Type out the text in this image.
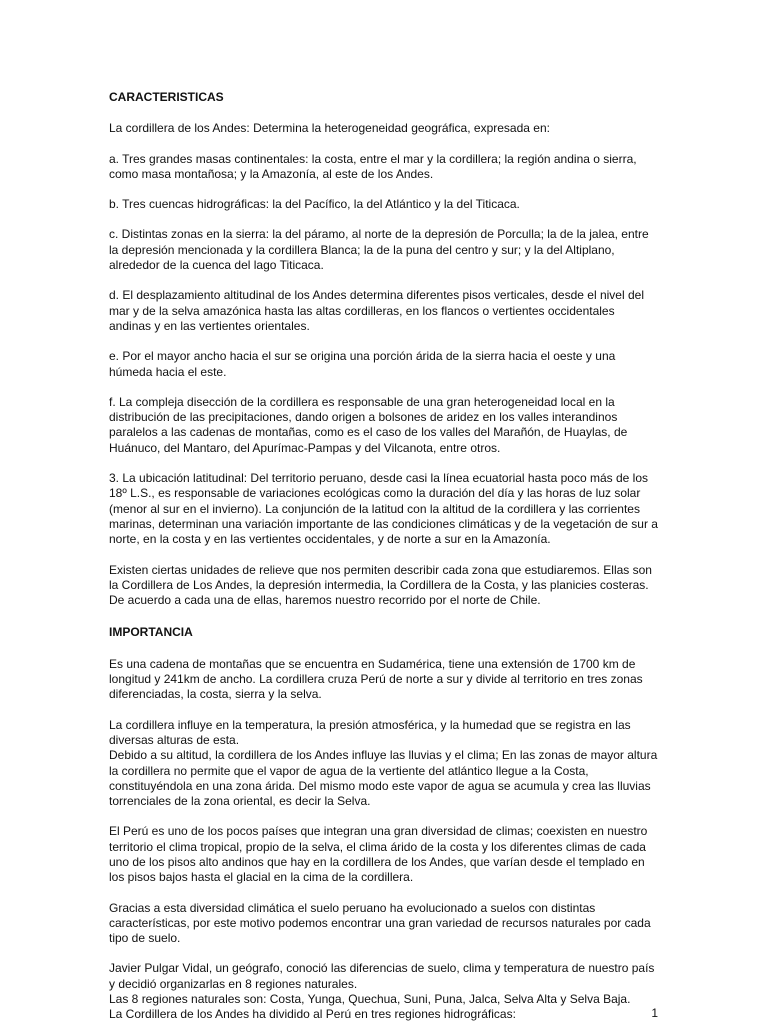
CARACTERISTICAS

La cordillera de los Andes: Determina la heterogeneidad geográfica, expresada en:

a. Tres grandes masas continentales: la costa, entre el mar y la cordillera; la región andina o sierra, como masa montañosa; y la Amazonía, al este de los Andes.

b. Tres cuencas hidrográficas: la del Pacífico, la del Atlántico y la del Titicaca.

c. Distintas zonas en la sierra: la del páramo, al norte de la depresión de Porculla; la de la jalea, entre la depresión mencionada y la cordillera Blanca; la de la puna del centro y sur; y la del Altiplano, alrededor de la cuenca del lago Titicaca.

d. El desplazamiento altitudinal de los Andes determina diferentes pisos verticales, desde el nivel del mar y de la selva amazónica hasta las altas cordilleras, en los flancos o vertientes occidentales andinas y en las vertientes orientales.

e. Por el mayor ancho hacia el sur se origina una porción árida de la sierra hacia el oeste y una húmeda hacia el este.

f. La compleja disección de la cordillera es responsable de una gran heterogeneidad local en la distribución de las precipitaciones, dando origen a bolsones de aridez en los valles interandinos paralelos a las cadenas de montañas, como es el caso de los valles del Marañón, de Huaylas, de Huánuco, del Mantaro, del Apurímac-Pampas y del Vilcanota, entre otros.

3. La ubicación latitudinal: Del territorio peruano, desde casi la línea ecuatorial hasta poco más de los 18º L.S., es responsable de variaciones ecológicas como la duración del día y las horas de luz solar (menor al sur en el invierno). La conjunción de la latitud con la altitud de la cordillera y las corrientes marinas, determinan una variación importante de las condiciones climáticas y de la vegetación de sur a norte, en la costa y en las vertientes occidentales, y de norte a sur en la Amazonía.

Existen ciertas unidades de relieve que nos permiten describir cada zona que estudiaremos. Ellas son la Cordillera de Los Andes, la depresión intermedia, la Cordillera de la Costa, y las planicies costeras. De acuerdo a cada una de ellas, haremos nuestro recorrido por el norte de Chile.

IMPORTANCIA

Es una cadena de montañas que se encuentra en Sudamérica, tiene una extensión de 1700 km de longitud y 241km de ancho. La cordillera cruza Perú de norte a sur y divide al territorio en tres zonas diferenciadas, la costa, sierra y la selva.

La cordillera influye en la temperatura, la presión atmosférica, y la humedad que se registra en las diversas alturas de esta.

Debido a su altitud, la cordillera de los Andes influye las lluvias y el clima; En las zonas de mayor altura la cordillera no permite que el vapor de agua de la vertiente del atlántico llegue a la Costa, constituyéndola en una zona árida. Del mismo modo este vapor de agua se acumula y crea las lluvias torrenciales de la zona oriental, es decir la Selva.

El Perú es uno de los pocos países que integran una gran diversidad de climas; coexisten en nuestro territorio el clima tropical, propio de la selva, el clima árido de la costa y los diferentes climas de cada uno de los pisos alto andinos que hay en la cordillera de los Andes, que varían desde el templado en los pisos bajos hasta el glacial en la cima de la cordillera.

Gracias a esta diversidad climática el suelo peruano ha evolucionado a suelos con distintas características, por este motivo podemos encontrar una gran variedad de recursos naturales por cada tipo de suelo.

Javier Pulgar Vidal, un geógrafo, conoció las diferencias de suelo, clima y temperatura de nuestro país y decidió organizarlas en 8 regiones naturales.

Las 8 regiones naturales son: Costa, Yunga, Quechua, Suni, Puna, Jalca, Selva Alta y Selva Baja.

La Cordillera de los Andes ha dividido al Perú en tres regiones hidrográficas:	1
